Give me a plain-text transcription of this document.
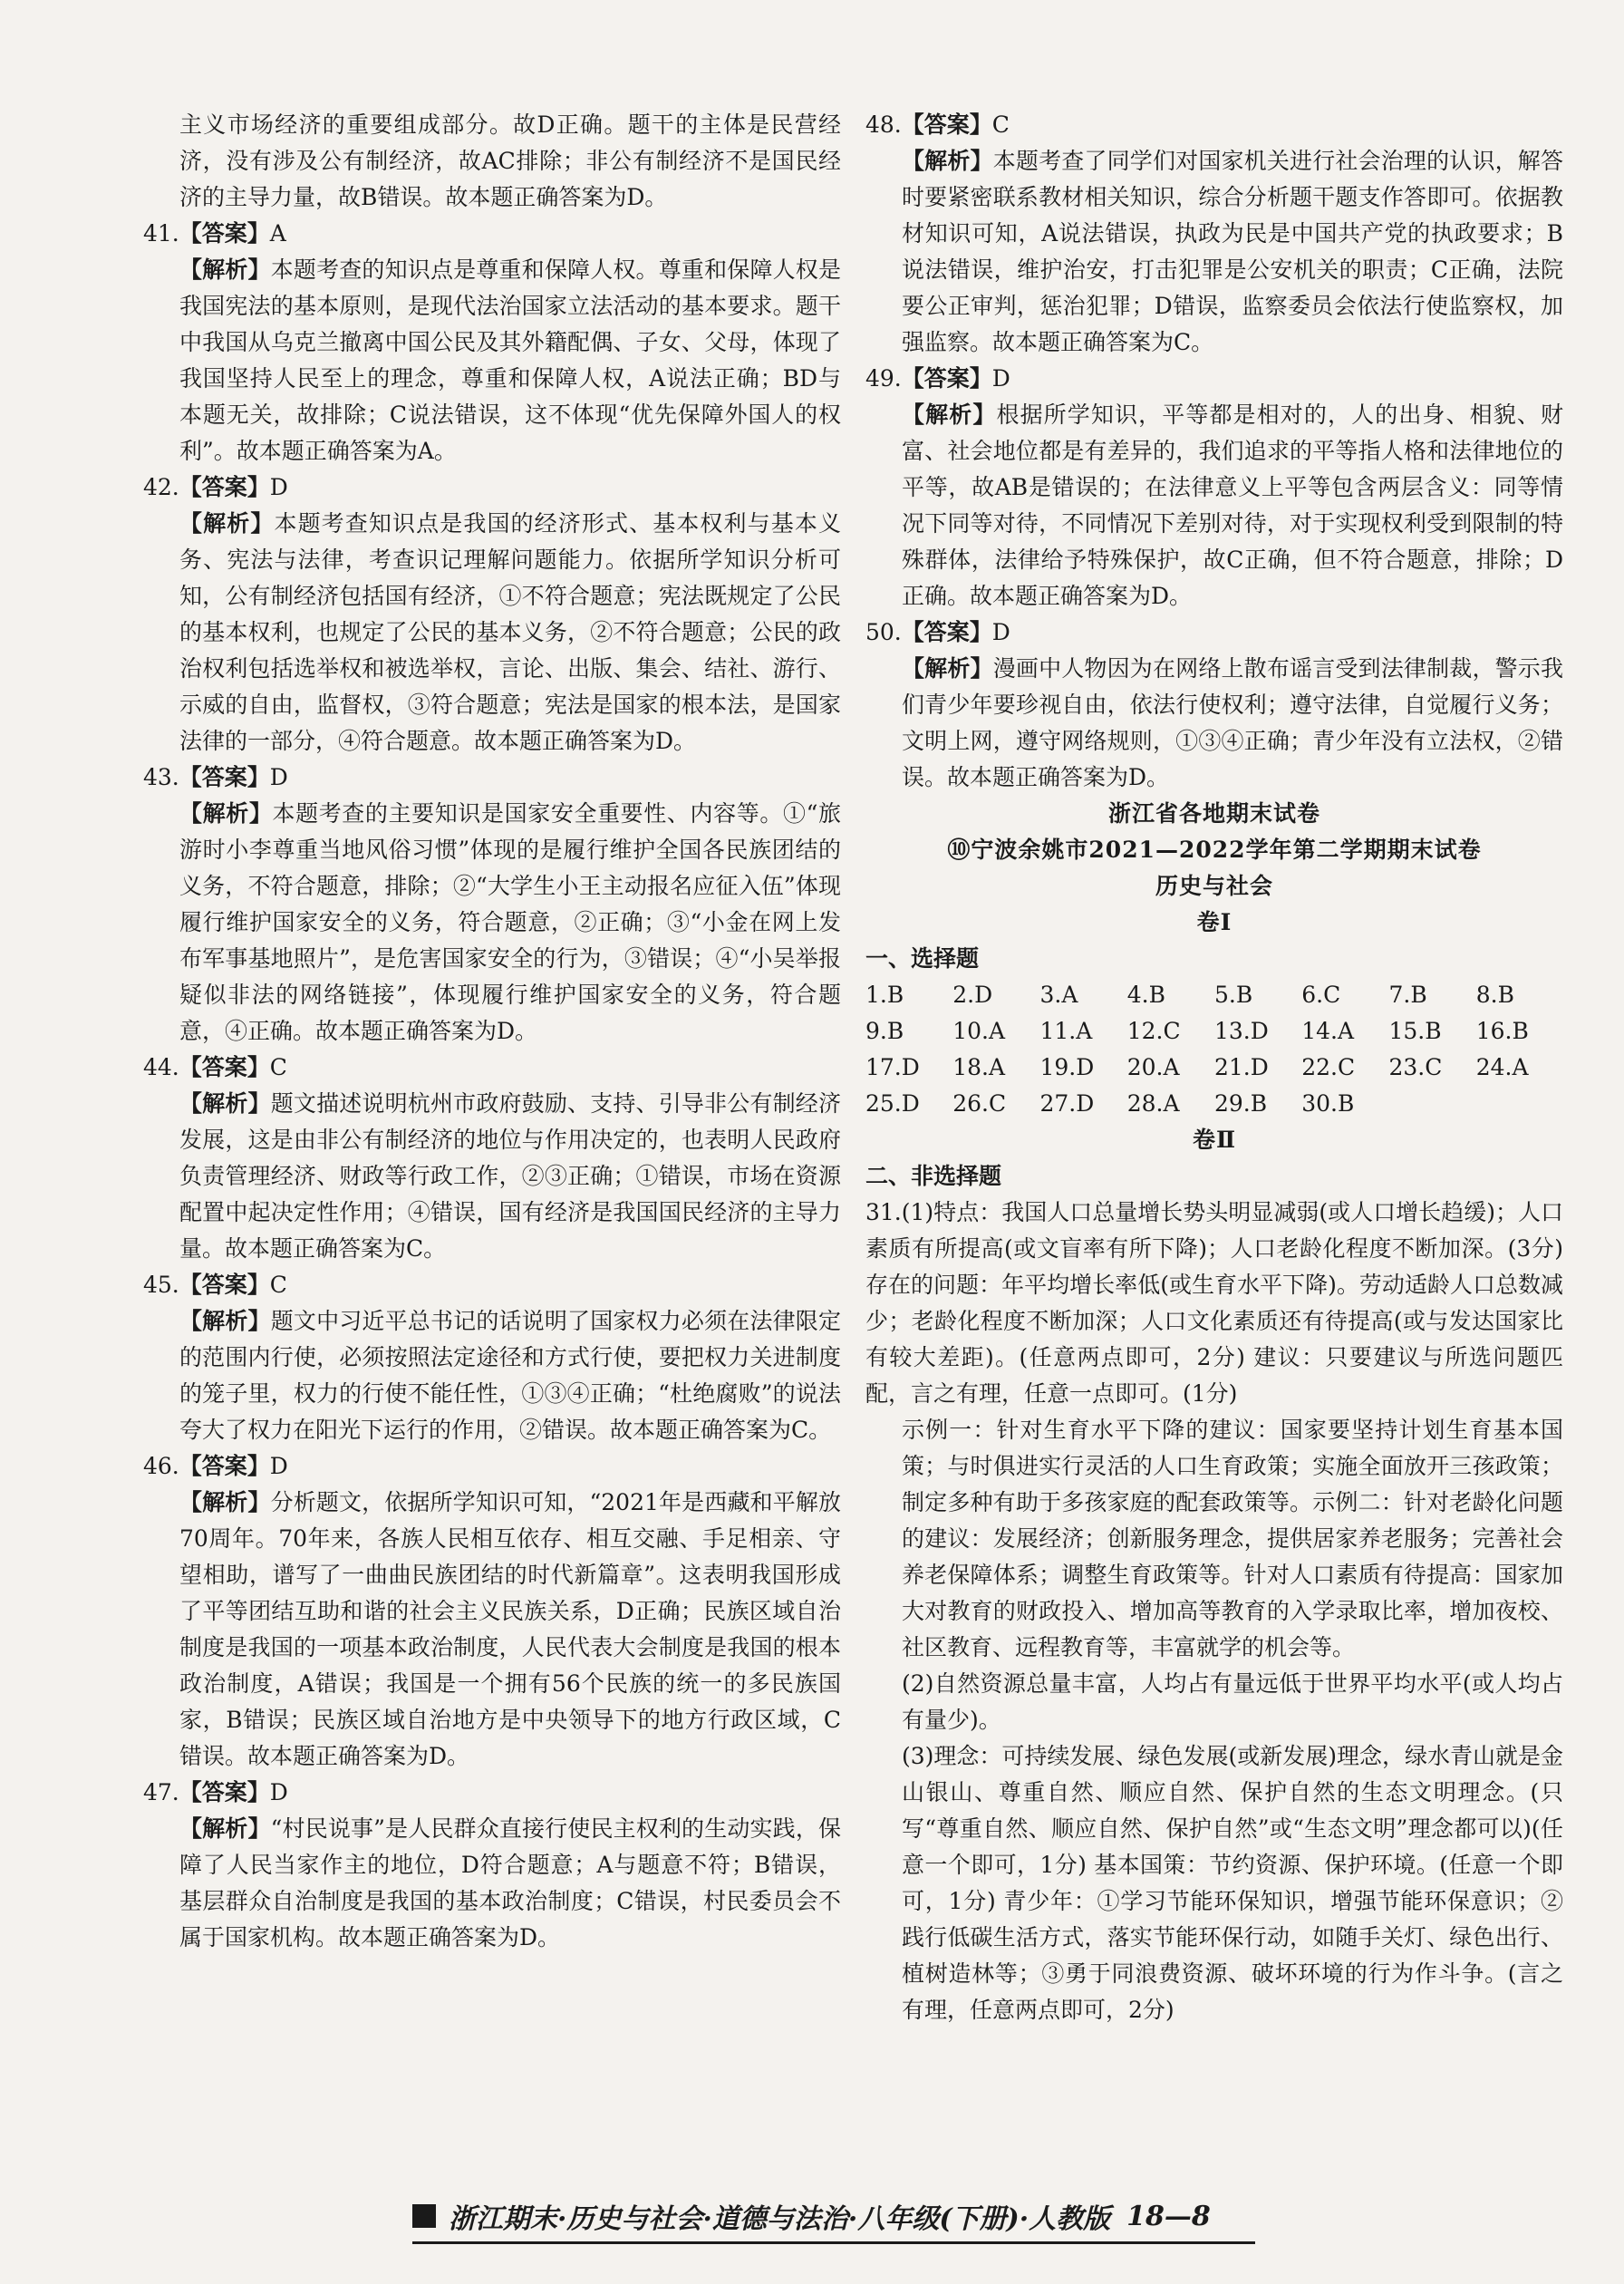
主义市场经济的重要组成部分。故D正确。题干的主体是民营经济，没有涉及公有制经济，故AC排除；非公有制经济不是国民经济的主导力量，故B错误。故本题正确答案为D。
41.【答案】A
【解析】本题考查的知识点是尊重和保障人权。尊重和保障人权是我国宪法的基本原则，是现代法治国家立法活动的基本要求。题干中我国从乌克兰撤离中国公民及其外籍配偶、子女、父母，体现了我国坚持人民至上的理念，尊重和保障人权，A说法正确；BD与本题无关，故排除；C说法错误，这不体现“优先保障外国人的权利”。故本题正确答案为A。
42.【答案】D
【解析】本题考查知识点是我国的经济形式、基本权利与基本义务、宪法与法律，考查识记理解问题能力。依据所学知识分析可知，公有制经济包括国有经济，①不符合题意；宪法既规定了公民的基本权利，也规定了公民的基本义务，②不符合题意；公民的政治权利包括选举权和被选举权，言论、出版、集会、结社、游行、示威的自由，监督权，③符合题意；宪法是国家的根本法，是国家法律的一部分，④符合题意。故本题正确答案为D。
43.【答案】D
【解析】本题考查的主要知识是国家安全重要性、内容等。①“旅游时小李尊重当地风俗习惯”体现的是履行维护全国各民族团结的义务，不符合题意，排除；②“大学生小王主动报名应征入伍”体现履行维护国家安全的义务，符合题意，②正确；③“小金在网上发布军事基地照片”，是危害国家安全的行为，③错误；④“小吴举报疑似非法的网络链接”，体现履行维护国家安全的义务，符合题意，④正确。故本题正确答案为D。
44.【答案】C
【解析】题文描述说明杭州市政府鼓励、支持、引导非公有制经济发展，这是由非公有制经济的地位与作用决定的，也表明人民政府负责管理经济、财政等行政工作，②③正确；①错误，市场在资源配置中起决定性作用；④错误，国有经济是我国国民经济的主导力量。故本题正确答案为C。
45.【答案】C
【解析】题文中习近平总书记的话说明了国家权力必须在法律限定的范围内行使，必须按照法定途径和方式行使，要把权力关进制度的笼子里，权力的行使不能任性，①③④正确；“杜绝腐败”的说法夸大了权力在阳光下运行的作用，②错误。故本题正确答案为C。
46.【答案】D
【解析】分析题文，依据所学知识可知，“2021年是西藏和平解放70周年。70年来，各族人民相互依存、相互交融、手足相亲、守望相助，谱写了一曲曲民族团结的时代新篇章”。这表明我国形成了平等团结互助和谐的社会主义民族关系，D正确；民族区域自治制度是我国的一项基本政治制度，人民代表大会制度是我国的根本政治制度，A错误；我国是一个拥有56个民族的统一的多民族国家，B错误；民族区域自治地方是中央领导下的地方行政区域，C错误。故本题正确答案为D。
47.【答案】D
【解析】“村民说事”是人民群众直接行使民主权利的生动实践，保障了人民当家作主的地位，D符合题意；A与题意不符；B错误，基层群众自治制度是我国的基本政治制度；C错误，村民委员会不属于国家机构。故本题正确答案为D。
48.【答案】C
【解析】本题考查了同学们对国家机关进行社会治理的认识，解答时要紧密联系教材相关知识，综合分析题干题支作答即可。依据教材知识可知，A说法错误，执政为民是中国共产党的执政要求；B说法错误，维护治安，打击犯罪是公安机关的职责；C正确，法院要公正审判，惩治犯罪；D错误，监察委员会依法行使监察权，加强监察。故本题正确答案为C。
49.【答案】D
【解析】根据所学知识，平等都是相对的，人的出身、相貌、财富、社会地位都是有差异的，我们追求的平等指人格和法律地位的平等，故AB是错误的；在法律意义上平等包含两层含义：同等情况下同等对待，不同情况下差别对待，对于实现权利受到限制的特殊群体，法律给予特殊保护，故C正确，但不符合题意，排除；D正确。故本题正确答案为D。
50.【答案】D
【解析】漫画中人物因为在网络上散布谣言受到法律制裁，警示我们青少年要珍视自由，依法行使权利；遵守法律，自觉履行义务；文明上网，遵守网络规则，①③④正确；青少年没有立法权，②错误。故本题正确答案为D。
浙江省各地期末试卷
⑩宁波余姚市2021—2022学年第二学期期末试卷
历史与社会
卷Ⅰ
一、选择题
1.B	2.D	3.A	4.B	5.B	6.C	7.B	8.B
9.B	10.A	11.A	12.C	13.D	14.A	15.B	16.B
17.D	18.A	19.D	20.A	21.D	22.C	23.C	24.A
25.D	26.C	27.D	28.A	29.B	30.B
卷Ⅱ
二、非选择题
31.(1)特点：我国人口总量增长势头明显减弱(或人口增长趋缓)；人口素质有所提高(或文盲率有所下降)；人口老龄化程度不断加深。(3分) 存在的问题：年平均增长率低(或生育水平下降)。劳动适龄人口总数减少；老龄化程度不断加深；人口文化素质还有待提高(或与发达国家比有较大差距)。(任意两点即可，2分) 建议：只要建议与所选问题匹配，言之有理，任意一点即可。(1分)
示例一：针对生育水平下降的建议：国家要坚持计划生育基本国策；与时俱进实行灵活的人口生育政策；实施全面放开三孩政策；制定多种有助于多孩家庭的配套政策等。示例二：针对老龄化问题的建议：发展经济；创新服务理念，提供居家养老服务；完善社会养老保障体系；调整生育政策等。针对人口素质有待提高：国家加大对教育的财政投入、增加高等教育的入学录取比率，增加夜校、社区教育、远程教育等，丰富就学的机会等。
(2)自然资源总量丰富，人均占有量远低于世界平均水平(或人均占有量少)。
(3)理念：可持续发展、绿色发展(或新发展)理念，绿水青山就是金山银山、尊重自然、顺应自然、保护自然的生态文明理念。(只写“尊重自然、顺应自然、保护自然”或“生态文明”理念都可以)(任意一个即可，1分) 基本国策：节约资源、保护环境。(任意一个即可，1分) 青少年：①学习节能环保知识，增强节能环保意识；②践行低碳生活方式，落实节能环保行动，如随手关灯、绿色出行、植树造林等；③勇于同浪费资源、破坏环境的行为作斗争。(言之有理，任意两点即可，2分)
浙江期末·历史与社会·道德与法治·八年级(下册)·人教版 18—8
